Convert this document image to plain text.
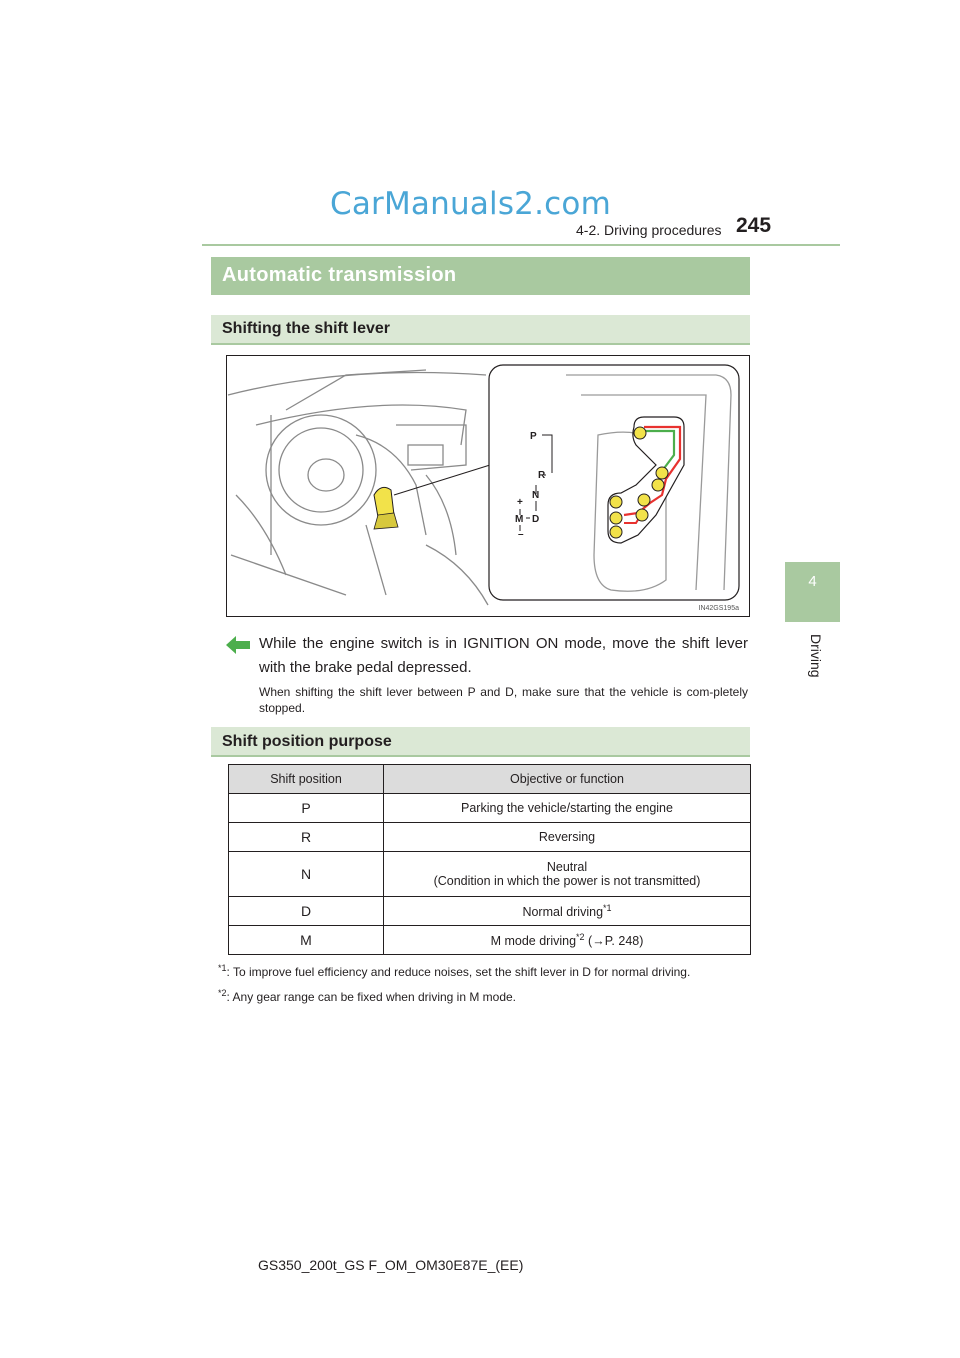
CarManuals2.com
245
4-2. Driving procedures
4
Driving
Automatic transmission
Shifting the shift lever
P
R
N
D
M
+
–
IN42GS195a
While the engine switch is in IGNITION ON mode, move the shift lever with the brake pedal depressed.
When shifting the shift lever between P and D, make sure that the vehicle is com-pletely stopped.
Shift position purpose
Shift position	Objective or function
P	Parking the vehicle/starting the engine
R	Reversing
N	Neutral
(Condition in which the power is not transmitted)
D	Normal driving$^{*1}$
M	M mode driving$^{*2}$ (→P. 248)
$^{*1}$: To improve fuel efficiency and reduce noises, set the shift lever in D for normal driving.
$^{*2}$: Any gear range can be fixed when driving in M mode.
GS350_200t_GS F_OM_OM30E87E_(EE)
